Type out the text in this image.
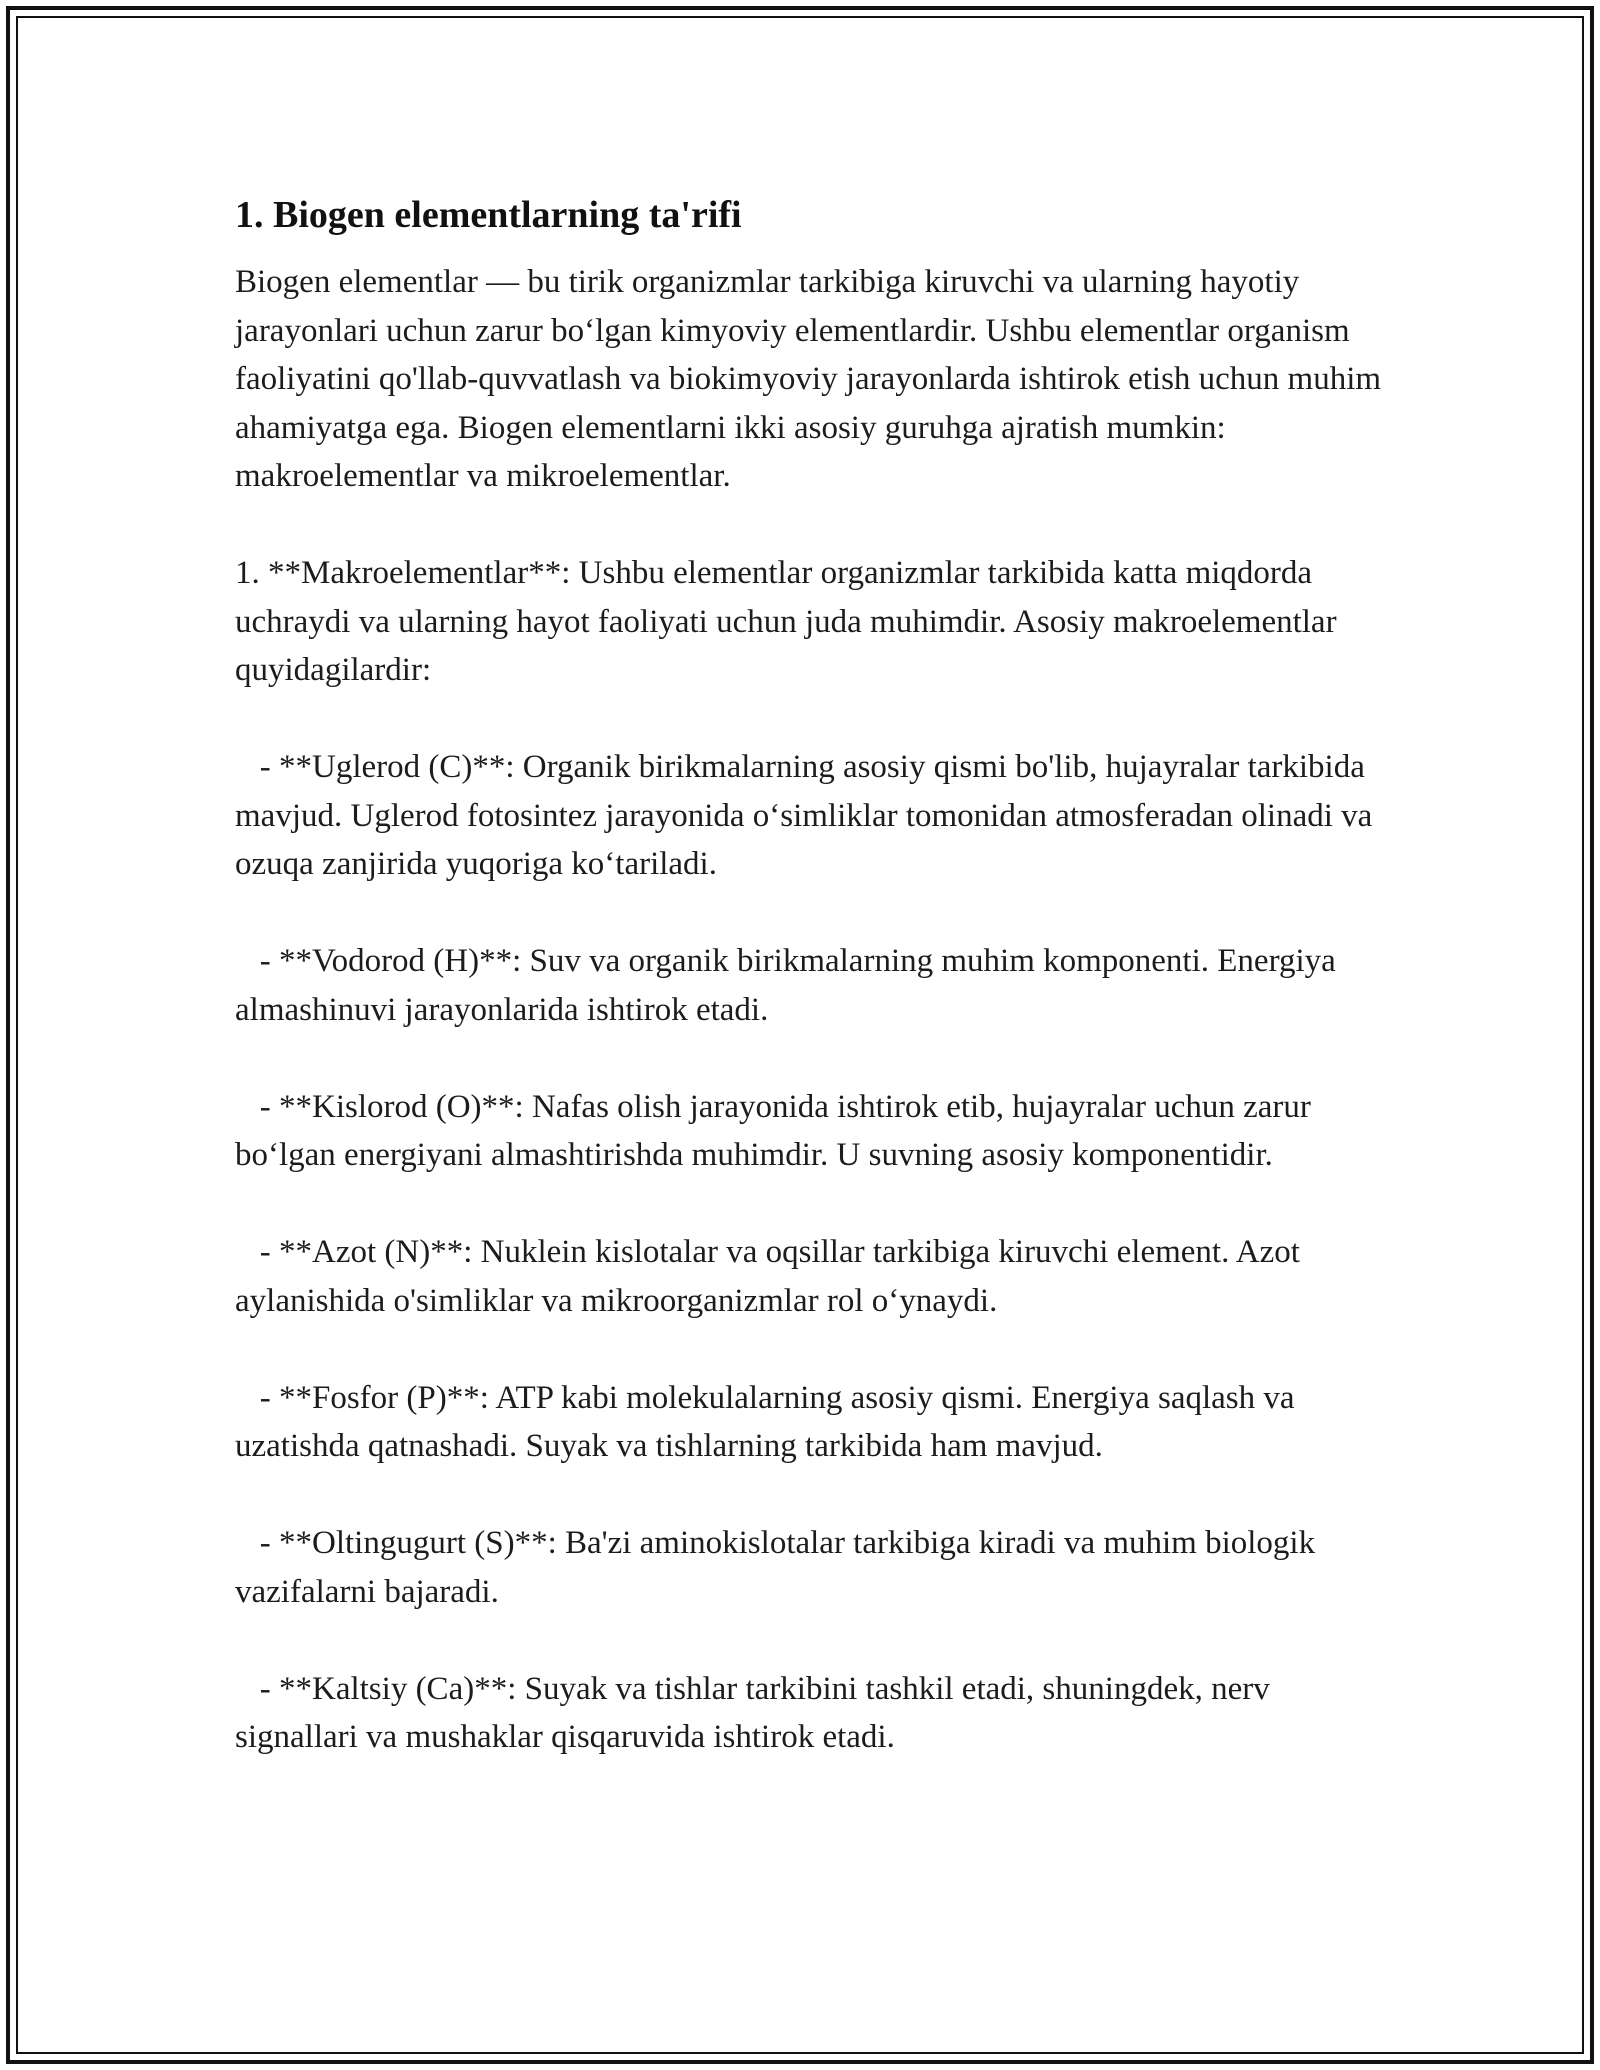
1. Biogen elementlarning ta'rifi

Biogen elementlar — bu tirik organizmlar tarkibiga kiruvchi va ularning hayotiy jarayonlari uchun zarur boʻlgan kimyoviy elementlardir. Ushbu elementlar organism faoliyatini qo'llab-quvvatlash va biokimyoviy jarayonlarda ishtirok etish uchun muhim ahamiyatga ega. Biogen elementlarni ikki asosiy guruhga ajratish mumkin: makroelementlar va mikroelementlar.

1. **Makroelementlar**: Ushbu elementlar organizmlar tarkibida katta miqdorda uchraydi va ularning hayot faoliyati uchun juda muhimdir. Asosiy makroelementlar quyidagilardir:

- **Uglerod (C)**: Organik birikmalarning asosiy qismi bo'lib, hujayralar tarkibida mavjud. Uglerod fotosintez jarayonida oʻsimliklar tomonidan atmosferadan olinadi va ozuqa zanjirida yuqoriga koʻtariladi.

- **Vodorod (H)**: Suv va organik birikmalarning muhim komponenti. Energiya almashinuvi jarayonlarida ishtirok etadi.

- **Kislorod (O)**: Nafas olish jarayonida ishtirok etib, hujayralar uchun zarur boʻlgan energiyani almashtirishda muhimdir. U suvning asosiy komponentidir.

- **Azot (N)**: Nuklein kislotalar va oqsillar tarkibiga kiruvchi element. Azot aylanishida o'simliklar va mikroorganizmlar rol oʻynaydi.

- **Fosfor (P)**: ATP kabi molekulalarning asosiy qismi. Energiya saqlash va uzatishda qatnashadi. Suyak va tishlarning tarkibida ham mavjud.

- **Oltingugurt (S)**: Ba'zi aminokislotalar tarkibiga kiradi va muhim biologik vazifalarni bajaradi.

- **Kaltsiy (Ca)**: Suyak va tishlar tarkibini tashkil etadi, shuningdek, nerv signallari va mushaklar qisqaruvida ishtirok etadi.
